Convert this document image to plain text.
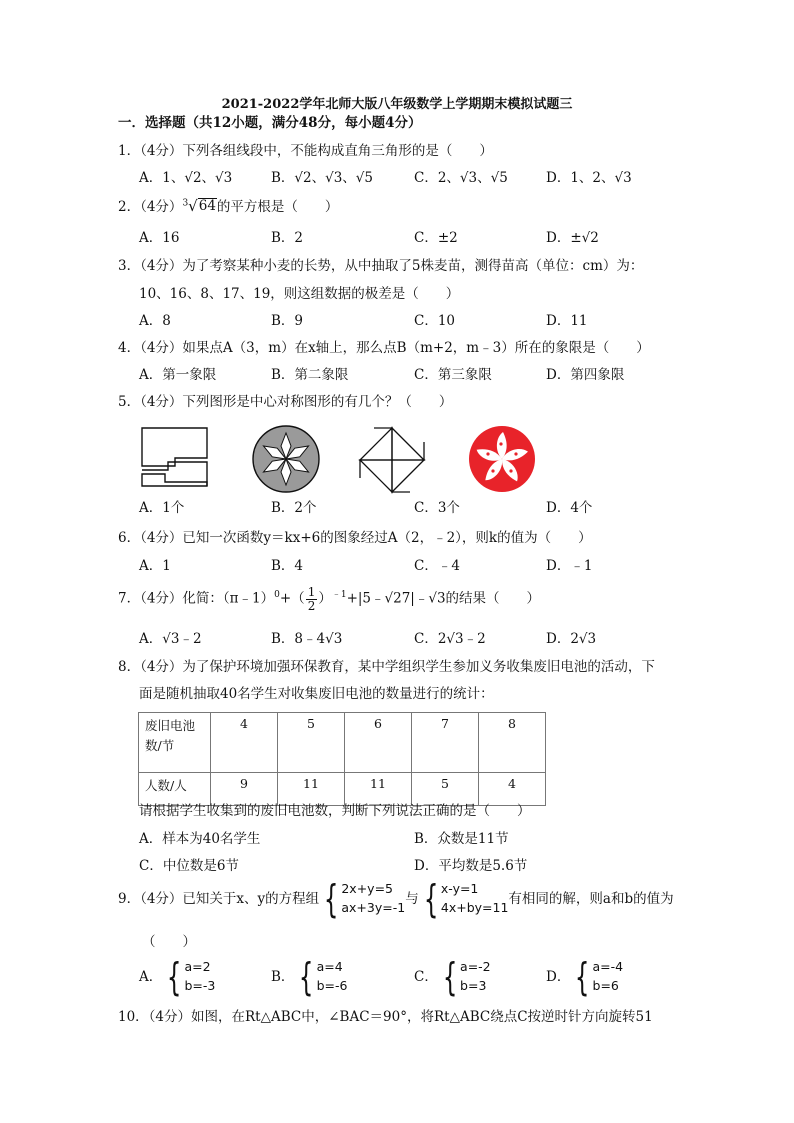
2021-2022学年北师大版八年级数学上学期期末模拟试题三
一．选择题（共12小题，满分48分，每小题4分）
1．（4分）下列各组线段中，不能构成直角三角形的是（　　）
A．1、√2、√3	B．√2、√3、√5	C．2、√3、√5	D．1、2、√3
2．（4分）$^3$ √ 64 的平方根是（　　）
A．16	B．2	C．±2	D．±√2
3．（4分）为了考察某种小麦的长势，从中抽取了5株麦苗，测得苗高（单位：cm）为：
10、16、8、17、19，则这组数据的极差是（　　）
A．8	B．9	C．10	D．11
4．（4分）如果点A（3，m）在x轴上，那么点B（m+2，m﹣3）所在的象限是（　　）
A．第一象限	B．第二象限	C．第三象限	D．第四象限
5．（4分）下列图形是中心对称图形的有几个？（　　）
A．1个	B．2个	C．3个	D．4个
6．（4分）已知一次函数y＝kx+6的图象经过A（2，﹣2），则k的值为（　　）
A．1	B．4	C．﹣4	D．﹣1
7．（4分）化简：（π﹣1）$^0$+（ $\frac{1}{2}$ ）$^{﹣1}$+|5﹣√27|﹣√3的结果（　　）
A．√3﹣2	B．8﹣4√3	C．2√3﹣2	D．2√3
8．（4分）为了保护环境加强环保教育，某中学组织学生参加义务收集废旧电池的活动，下
面是随机抽取40名学生对收集废旧电池的数量进行的统计：
废旧电池
数/节	4	5	6	7	8
人数/人	9	11	11	5	4
请根据学生收集到的废旧电池数，判断下列说法正确的是（　　）
A．样本为40名学生	B．众数是11节
C．中位数是6节	D．平均数是5.6节
9．（4分）已知关于x、y的方程组 { 2x+y=5
ax+3y=-1
与 { x-y=1
4x+by=11
有相同的解，则a和b的值为
（　　）
A． { a=2
b=-3
B． { a=4
b=-6
C． { a=-2
b=3
D． { a=-4
b=6
10．（4分）如图，在Rt△ABC中，∠BAC＝90°，将Rt△ABC绕点C按逆时针方向旋转51
